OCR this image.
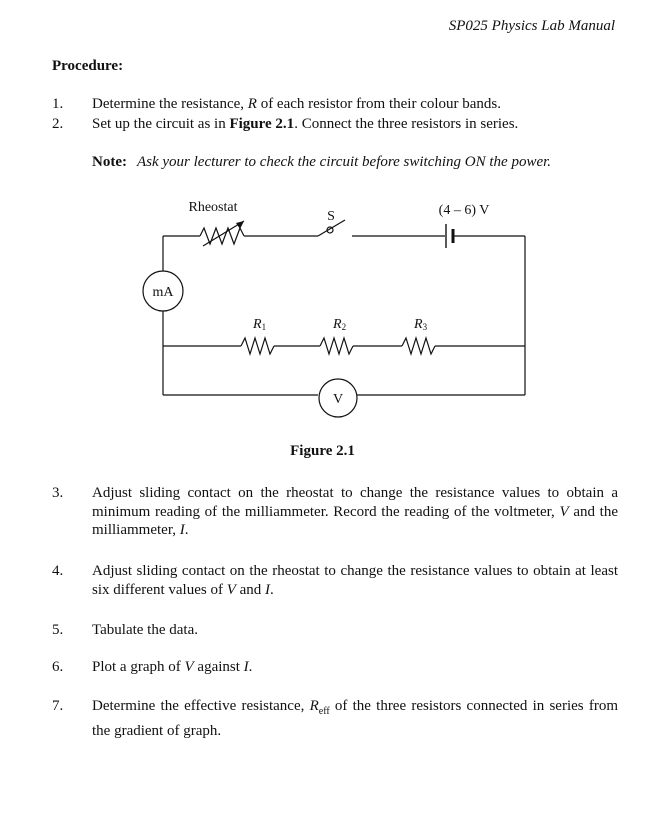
SP025 Physics Lab Manual
Procedure:
1.	Determine the resistance, R of each resistor from their colour bands.
2.	Set up the circuit as in Figure 2.1. Connect the three resistors in series.
Note: Ask your lecturer to check the circuit before switching ON the power.
Rheostat
S	(4 – 6) V
mA
V
R1	R2	R3
Figure 2.1
3.	Adjust sliding contact on the rheostat to change the resistance values to obtain a minimum reading of the milliammeter. Record the reading of the voltmeter, V and the milliammeter, I.
4.	Adjust sliding contact on the rheostat to change the resistance values to obtain at least six different values of V and I.
5.	Tabulate the data.
6.	Plot a graph of V against I.
7.	Determine the effective resistance, $R_{eff}$ of the three resistors connected in series from the gradient of graph.
